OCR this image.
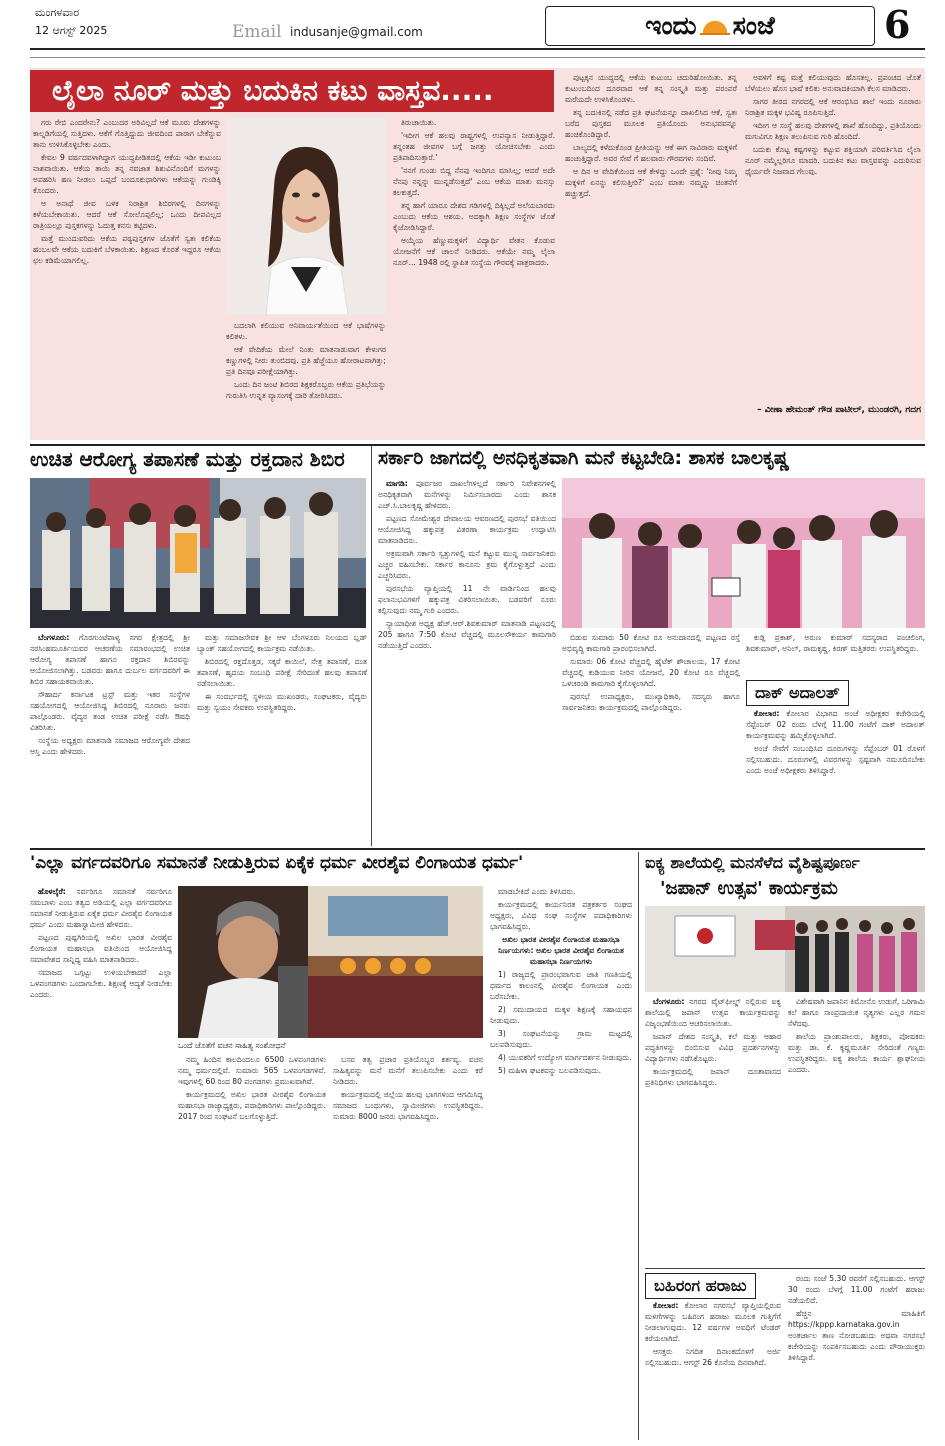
ಮಂಗಳವಾರ
12 ಆಗಸ್ಟ್ 2025	Email indusanje@gmail.com	ಇಂದು ಸಂಜೆ	6
ಲೈಲಾ ನೂರ್ ಮತ್ತು ಬದುಕಿನ ಕಟು ವಾಸ್ತವ.....

ಗರು ರೇಬಿ ಎಂದರೇನು? ಎಂಬುದರ ಅರಿವಿಲ್ಲದೆ ಆಕೆ ಮೂರು ದೇಶಗಳನ್ನು ಕಾಲ್ನಡಿಗೆಯಲ್ಲಿ ಸುತ್ತಿದಳು. ಆಕೆಗೆ ಗೊತ್ತಿದ್ದುದು ಜೀವದಿಂದ ಪಾರಾಗ ಬೇಕೆನ್ನುವ ತಾನು ಉಳಿಸಿಕೊಳ್ಳಬೇಕು ಎಂದು.

ಕೇವಲ 9 ವರ್ಷದವಳಾಗಿದ್ದಾಗ ಯುದ್ಧಪೀಡಿತದಲ್ಲಿ ಆಕೆಯ ಇಡೀ ಕುಟುಂಬ ನಾಶವಾಯಿತು. ಆಕೆಯ ತಾಯಿ ತನ್ನ ನವಜಾತ ಶಿಶುವಿನೊಂದಿಗೆ ಮಗಳನ್ನು ಅಪಹರಿಸಿ ಹಣ ನೀಡಲು ಒಪ್ಪದೆ ಬಂದೂಕುಧಾರಿಗಳು ಆಕೆಯನ್ನು ಗುಂಡಿಕ್ಕಿ ಕೊಂದರು.

ಆ ಅನಾಥೆ ಜೀವ ಬಳಿಕ ನಿರಾಶ್ರಿತ ಶಿಬಿರಗಳಲ್ಲಿ ದಿನಗಳನ್ನು ಕಳೆಯಬೇಕಾಯಿತು. ಆದರೆ ಆಕೆ ಸೋಲೊಪ್ಪಲಿಲ್ಲ; ಒಂದು ದೀಪವಿಲ್ಲದ ರಾತ್ರಿಯಲ್ಲೂ ಪುಸ್ತಕಗಳನ್ನು ಓದುತ್ತ ಕನಸು ಕಟ್ಟಿದಳು.

ಮತ್ತೆ ಮುಂದುವರಿದು ಆಕೆಯ ಪಠ್ಯಪುಸ್ತಕಗಳ ಜೊತೆಗೆ ಸ್ವತಃ ಕಲಿಕೆಯ ಹಂಬಲವೇ ಆಕೆಯ ಬದುಕಿಗೆ ಬೆಳಕಾಯಿತು. ಶಿಕ್ಷಣದ ಕೊರತೆ ಇದ್ದರೂ ಆಕೆಯ ಛಲ ಕಡಿಮೆಯಾಗಲಿಲ್ಲ.

ಬದಲಾಗಿ ಕಲಿಯುವ ಅನಿವಾರ್ಯತೆಯಿಂದ ಆಕೆ ಭಾಷೆಗಳನ್ನು ಕಲಿತಳು.

ಆಕೆ ವೇದಿಕೆಯ ಮೇಲೆ ನಿಂತು ಮಾತನಾಡುವಾಗ ಕೇಳುಗರ ಕಣ್ಣುಗಳಲ್ಲಿ ನೀರು ತುಂಬಿದವು. ಪ್ರತಿ ಹೆಜ್ಜೆಯೂ ಹೋರಾಟವಾಗಿತ್ತು; ಪ್ರತಿ ದಿನವೂ ಪರೀಕ್ಷೆಯಾಗಿತ್ತು.

ಒಂದು ದಿನ ಜಂಟಿ ಶಿಬಿರದ ಶಿಕ್ಷಕರೊಬ್ಬರು ಆಕೆಯ ಪ್ರತಿಭೆಯನ್ನು ಗುರುತಿಸಿ ಉನ್ನತ ವ್ಯಾಸಂಗಕ್ಕೆ ದಾರಿ ತೋರಿಸಿದರು.

ತಿರುಚಾಯಿತು.

'ಇದೀಗ ಆಕೆ ಹಲವು ರಾಷ್ಟ್ರಗಳಲ್ಲಿ ಉಪನ್ಯಾಸ ನೀಡುತ್ತಿದ್ದಾರೆ. ತನ್ನಂತಹ ಜೀವಗಳ ಬಗ್ಗೆ ಜಗತ್ತು ಯೋಚಿಸಬೇಕು ಎಂದು ಪ್ರತಿಪಾದಿಸುತ್ತಾರೆ.'

'ನನಗೆ ಗುಂಡು ಬಿದ್ದ ನೆನಪು ಇಂದಿಗೂ ಮಾಸಿಲ್ಲ; ಆದರೆ ಅದೇ ನೆನಪು ನನ್ನನ್ನು ಮುನ್ನಡೆಸುತ್ತದೆ' ಎಂಬ ಆಕೆಯ ಮಾತು ಮನಸ್ಸು ಕಲಕುತ್ತದೆ.

ತನ್ನ ಹಾಗೆ ಯಾರೂ ದೇಶದ ಗಡಿಗಳಲ್ಲಿ ದಿಕ್ಕಿಲ್ಲದೆ ಅಲೆಯಬಾರದು ಎಂಬುದು ಆಕೆಯ ಆಶಯ. ಅದಕ್ಕಾಗಿ ಶಿಕ್ಷಣ ಸಂಸ್ಥೆಗಳ ಜೊತೆ ಕೈಜೋಡಿಸಿದ್ದಾರೆ.

ಆಯ್ಕೆಯ ಹೆಣ್ಣುಮಕ್ಕಳಿಗೆ ವಿದ್ಯಾರ್ಥಿ ವೇತನ ಕೊಡುವ ಯೋಜನೆಗೆ ಆಕೆ ಚಾಲನೆ ನೀಡಿದರು. ಆಕೆಯೇ ನಮ್ಮ ಲೈಲಾ ನೂರ್... 1948 ರಲ್ಲಿ ಸ್ಥಾಪಿತ ಸಂಸ್ಥೆಯ ಗೌರವಕ್ಕೆ ಪಾತ್ರರಾದರು.

ಪುಟ್ಟಕ್ಕನ ಯುದ್ಧದಲ್ಲಿ ಆಕೆಯ ಕುಟುಂಬ ಚದುರಿಹೋಯಿತು. ತನ್ನ ಕುಟುಂಬದಿಂದ ದೂರವಾದ ಆಕೆ ತನ್ನ ಸಂಸ್ಕೃತಿ ಮತ್ತು ಪರಂಪರೆ ಮರೆಯದೇ ಉಳಿಸಿಕೊಂಡಳು.

ತನ್ನ ಬದುಕಿನಲ್ಲಿ ನಡೆದ ಪ್ರತಿ ಘಟನೆಯನ್ನೂ ದಾಖಲಿಸಿದ ಆಕೆ, ಸ್ವತಃ ಬರೆದ ಪುಸ್ತಕದ ಮೂಲಕ ಪ್ರತಿಯೊಂದು ಅನುಭವವನ್ನೂ ಹಂಚಿಕೊಂಡಿದ್ದಾರೆ.

ಬಾಲ್ಯದಲ್ಲಿ ಕಳೆದುಕೊಂಡ ಪ್ರೀತಿಯನ್ನು ಆಕೆ ಈಗ ಸಾವಿರಾರು ಮಕ್ಕಳಿಗೆ ಹಂಚುತ್ತಿದ್ದಾರೆ. ಅವರ ಸೇವೆ ಗೆ ಹಲವಾರು ಗೌರವಗಳು ಸಂದಿವೆ.

ಆ ದಿನ ಆ ವೇದಿಕೆಯಿಂದ ಆಕೆ ಕೇಳಿದ್ದು ಒಂದೇ ಪ್ರಶ್ನೆ: 'ನೀವು ನಿಮ್ಮ ಮಕ್ಕಳಿಗೆ ಏನನ್ನು ಕಲಿಸುತ್ತೀರಿ?' ಎಂಬ ಮಾತು ನಮ್ಮನ್ನು ಚಿಂತನೆಗೆ ಹಚ್ಚುತ್ತದೆ.

ಅವಳಿಗೆ ಕಷ್ಟ ಮತ್ತೆ ಕಲಿಯುವುದು ಹೊಸತಲ್ಲ. ಪ್ರಪಂಚದ ಜೊತೆ ಬೆಳೆಯಲು ಹೊಸ ಭಾಷೆ ಕಲಿತು ಅನುವಾದಕಿಯಾಗಿ ಕೆಲಸ ಮಾಡಿದರು.

ಸಾಗರ ತೀರದ ನಗರದಲ್ಲಿ ಆಕೆ ಆರಂಭಿಸಿದ ಶಾಲೆ ಇಂದು ನೂರಾರು ನಿರಾಶ್ರಿತ ಮಕ್ಕಳ ಭವಿಷ್ಯ ರೂಪಿಸುತ್ತಿದೆ.

ಇದೀಗ ಆ ಸಂಸ್ಥೆ ಹಲವು ದೇಶಗಳಲ್ಲಿ ಶಾಖೆ ಹೊಂದಿದ್ದು, ಪ್ರತಿಯೊಂದು ಮಗುವಿಗೂ ಶಿಕ್ಷಣ ತಲುಪಿಸುವ ಗುರಿ ಹೊಂದಿದೆ.

ಬದುಕು ಕೊಟ್ಟ ಕಷ್ಟಗಳನ್ನು ಕಟ್ಟುವ ಶಕ್ತಿಯಾಗಿ ಪರಿವರ್ತಿಸಿದ ಲೈಲಾ ನೂರ್ ನಮ್ಮೆಲ್ಲರಿಗೂ ಮಾದರಿ. ಬದುಕಿನ ಕಟು ವಾಸ್ತವವನ್ನು ಎದುರಿಸುವ ಧೈರ್ಯವೇ ನಿಜವಾದ ಗೆಲುವು.

– ವೀಣಾ ಹೇಮಂತ್ ಗೌಡ ಪಾಟೀಲ್, ಮುಂಡರಗಿ, ಗದಗ
ಉಚಿತ ಆರೋಗ್ಯ ತಪಾಸಣೆ ಮತ್ತು ರಕ್ತದಾನ ಶಿಬಿರ

ಬೆಂಗಳೂರು: ಗೊರಗುಂಟೆಪಾಳ್ಯ ನಗರ ಕ್ಷೇತ್ರದಲ್ಲಿ ಶ್ರೀ ನರಸಿಂಹಮೂರ್ತಿಯವರ ಆಚರಣೆಯ ಸಮಾರಂಭದಲ್ಲಿ ಉಚಿತ ಆರೋಗ್ಯ ತಪಾಸಣೆ ಹಾಗೂ ರಕ್ತದಾನ ಶಿಬಿರವನ್ನು ಆಯೋಜಿಸಲಾಗಿತ್ತು. ಬಡವರು ಹಾಗೂ ದುರ್ಬಲ ವರ್ಗದವರಿಗೆ ಈ ಶಿಬಿರ ಸಹಾಯಕವಾಯಿತು.

ಸೌಹಾರ್ದ ಕರ್ನಾಟಕ ಟ್ರಸ್ಟ್ ಮತ್ತು ಇತರ ಸಂಸ್ಥೆಗಳ ಸಹಯೋಗದಲ್ಲಿ ಆಯೋಜಿಸಿದ್ದ ಶಿಬಿರದಲ್ಲಿ ನೂರಾರು ಜನರು ಪಾಲ್ಗೊಂಡರು. ವೈದ್ಯರ ತಂಡ ಉಚಿತ ಪರೀಕ್ಷೆ ನಡೆಸಿ ಔಷಧಿ ವಿತರಿಸಿತು.

ಸಂಸ್ಥೆಯ ಅಧ್ಯಕ್ಷರು ಮಾತನಾಡಿ ಸಮಾಜದ ಆರೋಗ್ಯವೇ ದೇಶದ ಆಸ್ತಿ ಎಂದು ಹೇಳಿದರು.

ಮತ್ತು ಸಮಾಜಸೇವಕ ಶ್ರೀ ಆಳ ಬೆಂಗಳೂರು ನಿಲಯದ ಬ್ಲಡ್ ಬ್ಯಾಂಕ್ ಸಹಯೋಗದಲ್ಲಿ ಕಾರ್ಯಕ್ರಮ ನಡೆಯಿತು.

ಶಿಬಿರದಲ್ಲಿ ರಕ್ತದೊತ್ತಡ, ಸಕ್ಕರೆ ಕಾಯಿಲೆ, ನೇತ್ರ ತಪಾಸಣೆ, ದಂತ ತಪಾಸಣೆ, ಹೃದಯ ಸಂಬಂಧಿ ಪರೀಕ್ಷೆ ಸೇರಿದಂತೆ ಹಲವು ತಪಾಸಣೆ ನಡೆಸಲಾಯಿತು.

ಈ ಸಂದರ್ಭದಲ್ಲಿ ಸ್ಥಳೀಯ ಮುಖಂಡರು, ಸಂಘಟಕರು, ವೈದ್ಯರು ಮತ್ತು ಸ್ವಯಂ ಸೇವಕರು ಉಪಸ್ಥಿತರಿದ್ದರು.

ಸರ್ಕಾರಿ ಜಾಗದಲ್ಲಿ ಅನಧಿಕೃತವಾಗಿ ಮನೆ ಕಟ್ಟಬೇಡಿ: ಶಾಸಕ ಬಾಲಕೃಷ್ಣ

ಮಾಗಡಿ: ಪೂರ್ವಜರ ದಾಖಲೆಗಳಿಲ್ಲದೆ ಸರ್ಕಾರಿ ನಿವೇಶನಗಳಲ್ಲಿ ಅನಧಿಕೃತವಾಗಿ ಮನೆಗಳನ್ನು ನಿರ್ಮಿಸಬಾರದು ಎಂದು ಶಾಸಕ ಎಚ್.ಸಿ.ಬಾಲಕೃಷ್ಣ ಹೇಳಿದರು.

ಪಟ್ಟಣದ ಸೋಮೇಶ್ವರ ದೇವಾಲಯ ಆವರಣದಲ್ಲಿ ಪುರಸಭೆ ವತಿಯಿಂದ ಆಯೋಜಿಸಿದ್ದ ಹಕ್ಕುಪತ್ರ ವಿತರಣಾ ಕಾರ್ಯಕ್ರಮ ಉದ್ಘಾಟಿಸಿ ಮಾತನಾಡಿದರು.

ಅಕ್ರಮವಾಗಿ ಸರ್ಕಾರಿ ಸ್ವತ್ತುಗಳಲ್ಲಿ ಮನೆ ಕಟ್ಟುವ ಮುನ್ನ ಸಾರ್ವಜನಿಕರು ಎಚ್ಚರ ವಹಿಸಬೇಕು. ಸರ್ಕಾರ ಕಾನೂನು ಕ್ರಮ ಕೈಗೊಳ್ಳುತ್ತದೆ ಎಂದು ಎಚ್ಚರಿಸಿದರು.

ಪುರಸಭೆಯ ವ್ಯಾಪ್ತಿಯಲ್ಲಿ 11 ನೇ ವಾರ್ಡಿನಿಂದ ಹಲವು ಫಲಾನುಭವಿಗಳಿಗೆ ಹಕ್ಕುಪತ್ರ ವಿತರಿಸಲಾಯಿತು. ಬಡವರಿಗೆ ಸೂರು ಕಲ್ಪಿಸುವುದು ನಮ್ಮ ಗುರಿ ಎಂದರು.

ನ್ಯಾಯಾಧೀಶ ಅಧ್ಯಕ್ಷ ಹೆಚ್.ಆರ್.ಶಿವಕುಮಾರ್ ಮಾತನಾಡಿ ಪಟ್ಟಣದಲ್ಲಿ 205 ಹಾಗೂ 7:50 ಕೋಟಿ ವೆಚ್ಚದಲ್ಲಿ ಮೂಲಸೌಕರ್ಯ ಕಾಮಗಾರಿ ನಡೆಯುತ್ತಿದೆ ಎಂದರು.

ಬಿಡುವ ಸುಮಾರು 50 ಕೋಟಿ ರೂ ಅನುದಾನದಲ್ಲಿ ಪಟ್ಟಣದ ರಸ್ತೆ ಅಭಿವೃದ್ಧಿ ಕಾಮಗಾರಿ ಪ್ರಾರಂಭಿಸಲಾಗಿದೆ.

ಸುಮಾರು 06 ಕೋಟಿ ವೆಚ್ಚದಲ್ಲಿ ಹೈಟೆಕ್ ಶೌಚಾಲಯ, 17 ಕೋಟಿ ವೆಚ್ಚದಲ್ಲಿ ಕುಡಿಯುವ ನೀರಿನ ಯೋಜನೆ, 20 ಕೋಟಿ ರೂ ವೆಚ್ಚದಲ್ಲಿ ಒಳಚರಂಡಿ ಕಾಮಗಾರಿ ಕೈಗೊಳ್ಳಲಾಗಿದೆ.

ಪುರಸಭೆ ಉಪಾಧ್ಯಕ್ಷರು, ಮುಖ್ಯಾಧಿಕಾರಿ, ಸದಸ್ಯರು ಹಾಗೂ ಸಾರ್ವಜನಿಕರು ಕಾರ್ಯಕ್ರಮದಲ್ಲಿ ಪಾಲ್ಗೊಂಡಿದ್ದರು.

ಕುಡ್ಲಿ ಪ್ರಕಾಶ್, ಅರುಣ ಕುಮಾರ್ ಸದಸ್ಯರಾದ ಪಂಚಲಿಂಗ, ಶಿವಕುಮಾರ್, ಅನಿಲ್, ರಾಮಕೃಷ್ಣ, ಕಿರಣ್ ಮತ್ತಿತರರು ಉಪಸ್ಥಿತರಿದ್ದರು.

ದಾಕ್ ಅದಾಲತ್

ಕೋಲಾರ: ಕೋಲಾರ ವಿಭಾಗದ ಅಂಚೆ ಅಧೀಕ್ಷಕರ ಕಚೇರಿಯಲ್ಲಿ ಸೆಪ್ಟೆಂಬರ್ 02 ರಂದು ಬೆಳಗ್ಗೆ 11.00 ಗಂಟೆಗೆ ದಾಕ್ ಅದಾಲತ್ ಕಾರ್ಯಕ್ರಮವನ್ನು ಹಮ್ಮಿಕೊಳ್ಳಲಾಗಿದೆ.

ಅಂಚೆ ಸೇವೆಗೆ ಸಂಬಂಧಿಸಿದ ದೂರುಗಳನ್ನು ಸೆಪ್ಟೆಂಬರ್ 01 ರೊಳಗೆ ಸಲ್ಲಿಸಬಹುದು. ದೂರುಗಳಲ್ಲಿ ವಿವರಗಳನ್ನು ಸ್ಪಷ್ಟವಾಗಿ ನಮೂದಿಸಬೇಕು ಎಂದು ಅಂಚೆ ಅಧೀಕ್ಷಕರು ತಿಳಿಸಿದ್ದಾರೆ.

'ಎಲ್ಲಾ ವರ್ಗದವರಿಗೂ ಸಮಾನತೆ ನೀಡುತ್ತಿರುವ ಏಕೈಕ ಧರ್ಮ ವೀರಶೈವ ಲಿಂಗಾಯತ ಧರ್ಮ'

ಹೊಳಲ್ಕೆರೆ: ಸರ್ವರಿಗೂ ಸಮಾನತೆ ಸರ್ವರಿಗೂ ಸಮಬಾಳು ಎಂಬ ತತ್ವದ ಅಡಿಯಲ್ಲಿ ಎಲ್ಲಾ ವರ್ಗದವರಿಗೂ ಸಮಾನತೆ ನೀಡುತ್ತಿರುವ ಏಕೈಕ ಧರ್ಮ ವೀರಶೈವ ಲಿಂಗಾಯತ ಧರ್ಮ ಎಂದು ಮಹಾಸ್ವಾಮೀಜಿ ಹೇಳಿದರು.

ಪಟ್ಟಣದ ಪುಷ್ಪಗಿರಿಯಲ್ಲಿ ಅಖಿಲ ಭಾರತ ವೀರಶೈವ ಲಿಂಗಾಯತ ಮಹಾಸಭಾ ವತಿಯಿಂದ ಆಯೋಜಿಸಿದ್ದ ಸಮಾವೇಶದ ಸಾನ್ನಿಧ್ಯ ವಹಿಸಿ ಮಾತನಾಡಿದರು.

ಸಮಾಜದ ಒಗ್ಗಟ್ಟು ಉಳಿಯಬೇಕಾದರೆ ಎಲ್ಲಾ ಒಳಪಂಗಡಗಳು ಒಂದಾಗಬೇಕು. ಶಿಕ್ಷಣಕ್ಕೆ ಆದ್ಯತೆ ನೀಡಬೇಕು ಎಂದರು.

ಒಂದೆ ಜೊತೆಗೆ ವಚನ ಸಾಹಿತ್ಯ ಸಂಶೋಧನೆ

ನಮ್ಮ ಹಿಂದಿನ ಕಾಲದಿಂದಲೂ 6500 ಒಳಪಂಗಡಗಳು ನಮ್ಮ ಧರ್ಮದಲ್ಲಿವೆ. ಸುಮಾರು 565 ಒಳಪಂಗಡಗಳಿವೆ. ಇವುಗಳಲ್ಲಿ 60 ರಿಂದ 80 ಪಂಗಡಗಳು ಪ್ರಮುಖವಾಗಿವೆ.

ಕಾರ್ಯಕ್ರಮದಲ್ಲಿ ಅಖಿಲ ಭಾರತ ವೀರಶೈವ ಲಿಂಗಾಯತ ಮಹಾಸಭಾ ರಾಜ್ಯಾಧ್ಯಕ್ಷರು, ಪದಾಧಿಕಾರಿಗಳು ಪಾಲ್ಗೊಂಡಿದ್ದರು. 2017 ರಿಂದ ಸಂಘಟನೆ ಬಲಗೊಳ್ಳುತ್ತಿದೆ.

ಬಸವ ತತ್ವ ಪ್ರಚಾರ ಪ್ರತಿಯೊಬ್ಬರ ಕರ್ತವ್ಯ. ವಚನ ಸಾಹಿತ್ಯವನ್ನು ಮನೆ ಮನೆಗೆ ತಲುಪಿಸಬೇಕು ಎಂದು ಕರೆ ನೀಡಿದರು.

ಕಾರ್ಯಕ್ರಮದಲ್ಲಿ ಜಿಲ್ಲೆಯ ಹಲವು ಭಾಗಗಳಿಂದ ಆಗಮಿಸಿದ್ದ ಸಮಾಜದ ಬಂಧುಗಳು, ಸ್ವಾಮೀಜಿಗಳು ಉಪಸ್ಥಿತರಿದ್ದರು. ಸುಮಾರು 8000 ಜನರು ಭಾಗವಹಿಸಿದ್ದರು.

ಮಾಡಬೇಕಿದೆ ಎಂದು ತಿಳಿಸಿದರು.

ಕಾರ್ಯಕ್ರಮದಲ್ಲಿ ಕಾರ್ಯನಿರತ ಪತ್ರಕರ್ತರ ಸಂಘದ ಅಧ್ಯಕ್ಷರು, ವಿವಿಧ ಸಂಘ ಸಂಸ್ಥೆಗಳ ಪದಾಧಿಕಾರಿಗಳು ಭಾಗವಹಿಸಿದ್ದರು.

ಅಖಿಲ ಭಾರತ ವೀರಶೈವ ಲಿಂಗಾಯತ ಮಹಾಸಭಾ ನಿರ್ಣಯಗಳು: ಅಖಿಲ ಭಾರತ ವೀರಶೈವ ಲಿಂಗಾಯತ ಮಹಾಸಭಾ ನಿರ್ಣಯಗಳು

1) ರಾಜ್ಯದಲ್ಲಿ ಪ್ರಾರಂಭವಾಗುವ ಜಾತಿ ಗಣತಿಯಲ್ಲಿ ಧರ್ಮದ ಕಾಲಂನಲ್ಲಿ ವೀರಶೈವ ಲಿಂಗಾಯತ ಎಂದು ಬರೆಸಬೇಕು.

2) ಸಮುದಾಯದ ಮಕ್ಕಳ ಶಿಕ್ಷಣಕ್ಕೆ ಸಹಾಯಧನ ನೀಡುವುದು.

3) ಸಂಘಟನೆಯನ್ನು ಗ್ರಾಮ ಮಟ್ಟದಲ್ಲಿ ಬಲಪಡಿಸುವುದು.

4) ಯುವಕರಿಗೆ ಉದ್ಯೋಗ ಮಾರ್ಗದರ್ಶನ ನೀಡುವುದು.

5) ಮಹಿಳಾ ಘಟಕವನ್ನು ಬಲಪಡಿಸುವುದು.

ಐಕ್ಯ ಶಾಲೆಯಲ್ಲಿ ಮನಸೆಳೆದ ವೈಶಿಷ್ಟಪೂರ್ಣ
'ಜಪಾನ್ ಉತ್ಸವ' ಕಾರ್ಯಕ್ರಮ

ಬೆಂಗಳೂರು: ನಗರದ ವೈಟ್‌ಫೀಲ್ಡ್ ನಲ್ಲಿರುವ ಐಕ್ಯ ಶಾಲೆಯಲ್ಲಿ ಜಪಾನ್ ಉತ್ಸವ ಕಾರ್ಯಕ್ರಮವನ್ನು ವಿಜೃಂಭಣೆಯಿಂದ ಆಚರಿಸಲಾಯಿತು.

ಜಪಾನ್ ದೇಶದ ಸಂಸ್ಕೃತಿ, ಕಲೆ ಮತ್ತು ಆಹಾರ ಪದ್ಧತಿಗಳನ್ನು ಬಿಂಬಿಸುವ ವಿವಿಧ ಪ್ರದರ್ಶನಗಳನ್ನು ವಿದ್ಯಾರ್ಥಿಗಳು ನಡೆಸಿಕೊಟ್ಟರು.

ಕಾರ್ಯಕ್ರಮದಲ್ಲಿ ಜಪಾನ್ ದೂತಾವಾಸದ ಪ್ರತಿನಿಧಿಗಳು ಭಾಗವಹಿಸಿದ್ದರು.

ವಿಶೇಷವಾಗಿ ಜಪಾನಿನ ಕಿಮೋನೊ ಉಡುಗೆ, ಒರಿಗಾಮಿ ಕಲೆ ಹಾಗೂ ಸಾಂಪ್ರದಾಯಿಕ ನೃತ್ಯಗಳು ಎಲ್ಲರ ಗಮನ ಸೆಳೆದವು.

ಶಾಲೆಯ ಪ್ರಾಂಶುಪಾಲರು, ಶಿಕ್ಷಕರು, ಪೋಷಕರು ಮತ್ತು ಡಾ. ಕೆ. ಕೃಷ್ಣಮೂರ್ತಿ ಸೇರಿದಂತೆ ಗಣ್ಯರು ಉಪಸ್ಥಿತರಿದ್ದರು. ಐಕ್ಯ ಶಾಲೆಯ ಕಾರ್ಯ ಶ್ಲಾಘನೀಯ ಎಂದರು.

ಬಹಿರಂಗ ಹರಾಜು

ಕೋಲಾರ: ಕೋಲಾರ ನಗರಸಭೆ ವ್ಯಾಪ್ತಿಯಲ್ಲಿರುವ ಮಳಿಗೆಗಳನ್ನು ಬಹಿರಂಗ ಹರಾಜು ಮೂಲಕ ಗುತ್ತಿಗೆಗೆ ನೀಡಲಾಗುವುದು. 12 ವರ್ಷಗಳ ಅವಧಿಗೆ ಟೆಂಡರ್ ಕರೆಯಲಾಗಿದೆ.

ಆಸಕ್ತರು ನಿಗದಿತ ದಿನಾಂಕದೊಳಗೆ ಅರ್ಜಿ ಸಲ್ಲಿಸಬಹುದು. ಆಗಸ್ಟ್ 26 ಕೊನೆಯ ದಿನವಾಗಿದೆ.

ರಂದು ಸಂಜೆ 5.30 ರವರೆಗೆ ಸಲ್ಲಿಸಬಹುದು. ಆಗಸ್ಟ್ 30 ರಂದು ಬೆಳಗ್ಗೆ 11.00 ಗಂಟೆಗೆ ಹರಾಜು ನಡೆಯಲಿದೆ.

ಹೆಚ್ಚಿನ ಮಾಹಿತಿಗೆ https://kppp.karnataka.gov.in ಅಂತರ್ಜಾಲ ತಾಣ ನೋಡಬಹುದು ಅಥವಾ ನಗರಸಭೆ ಕಚೇರಿಯನ್ನು ಸಂಪರ್ಕಿಸಬಹುದು ಎಂದು ಪೌರಾಯುಕ್ತರು ತಿಳಿಸಿದ್ದಾರೆ.
